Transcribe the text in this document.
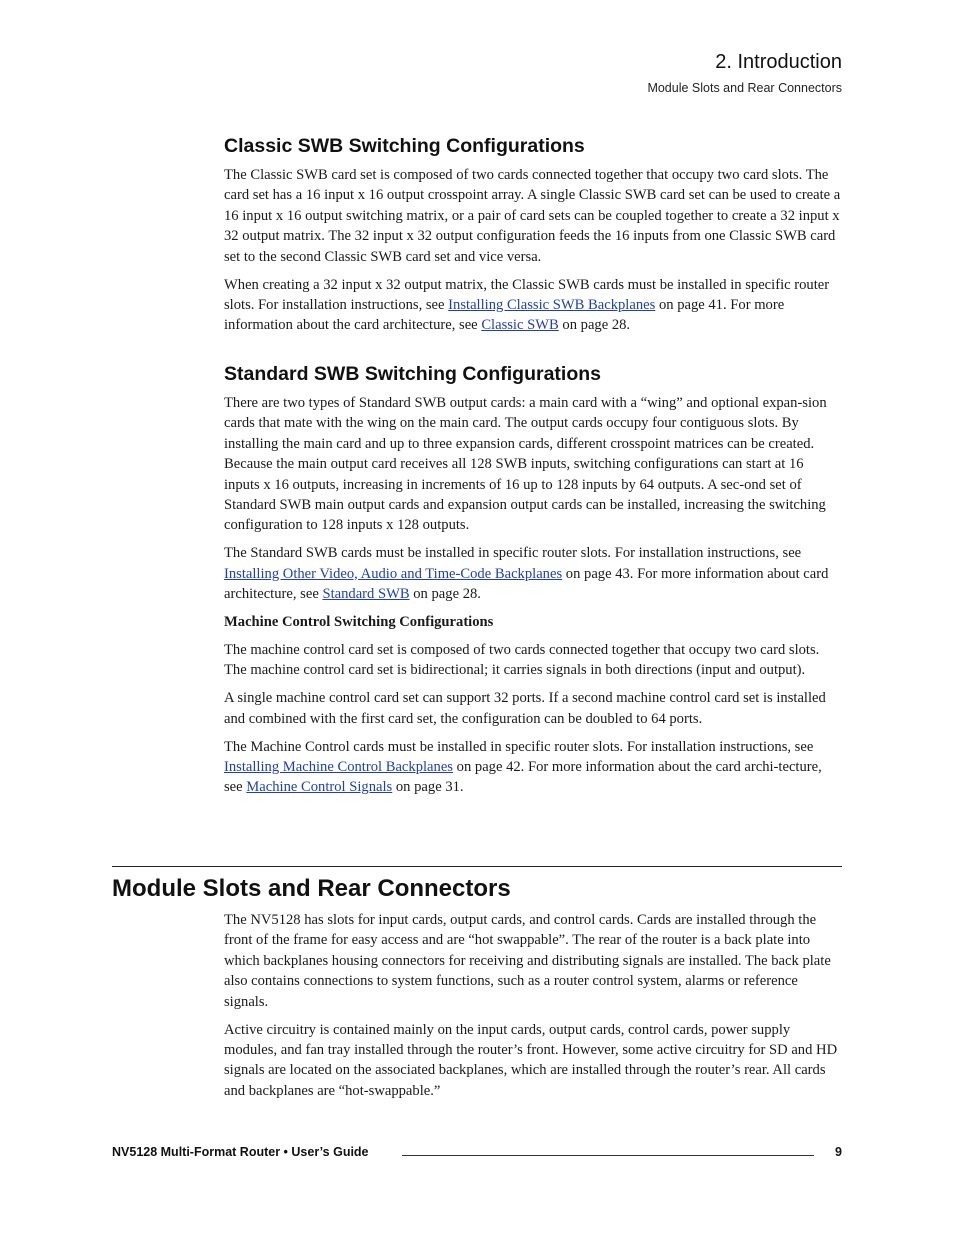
2. Introduction
Module Slots and Rear Connectors
Classic SWB Switching Configurations

The Classic SWB card set is composed of two cards connected together that occupy two card slots. The card set has a 16 input x 16 output crosspoint array. A single Classic SWB card set can be used to create a 16 input x 16 output switching matrix, or a pair of card sets can be coupled together to create a 32 input x 32 output matrix. The 32 input x 32 output configuration feeds the 16 inputs from one Classic SWB card set to the second Classic SWB card set and vice versa.

When creating a 32 input x 32 output matrix, the Classic SWB cards must be installed in specific router slots. For installation instructions, see Installing Classic SWB Backplanes on page 41. For more information about the card architecture, see Classic SWB on page 28.

Standard SWB Switching Configurations

There are two types of Standard SWB output cards: a main card with a “wing” and optional expan-sion cards that mate with the wing on the main card. The output cards occupy four contiguous slots. By installing the main card and up to three expansion cards, different crosspoint matrices can be created. Because the main output card receives all 128 SWB inputs, switching configurations can start at 16 inputs x 16 outputs, increasing in increments of 16 up to 128 inputs by 64 outputs. A sec-ond set of Standard SWB main output cards and expansion output cards can be installed, increasing the switching configuration to 128 inputs x 128 outputs.

The Standard SWB cards must be installed in specific router slots. For installation instructions, see Installing Other Video, Audio and Time-Code Backplanes on page 43. For more information about card architecture, see Standard SWB on page 28.

Machine Control Switching Configurations

The machine control card set is composed of two cards connected together that occupy two card slots. The machine control card set is bidirectional; it carries signals in both directions (input and output).

A single machine control card set can support 32 ports. If a second machine control card set is installed and combined with the first card set, the configuration can be doubled to 64 ports.

The Machine Control cards must be installed in specific router slots. For installation instructions, see Installing Machine Control Backplanes on page 42. For more information about the card archi-tecture, see Machine Control Signals on page 31.

Module Slots and Rear Connectors

The NV5128 has slots for input cards, output cards, and control cards. Cards are installed through the front of the frame for easy access and are “hot swappable”. The rear of the router is a back plate into which backplanes housing connectors for receiving and distributing signals are installed. The back plate also contains connections to system functions, such as a router control system, alarms or reference signals.

Active circuitry is contained mainly on the input cards, output cards, control cards, power supply modules, and fan tray installed through the router’s front. However, some active circuitry for SD and HD signals are located on the associated backplanes, which are installed through the router’s rear. All cards and backplanes are “hot-swappable.”

NV5128 Multi-Format Router • User’s Guide	9
